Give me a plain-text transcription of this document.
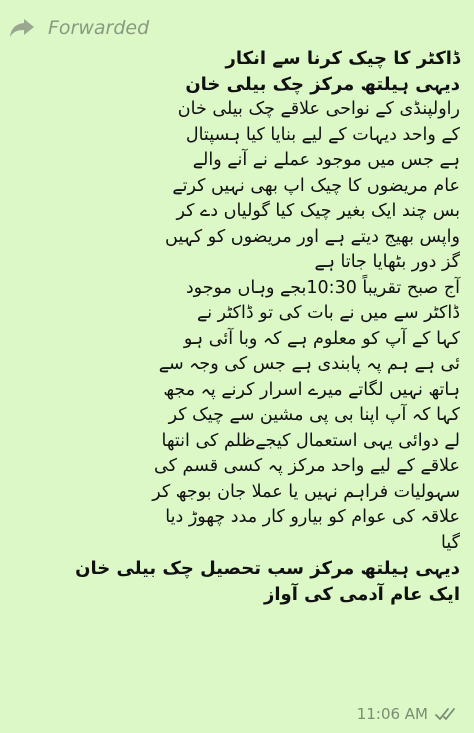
Forwarded
ڈاکٹر کا چیک کرنا سے انکار
دیہی ہیلتھ مرکز چک بیلی خان
راولپنڈی کے نواحی علاقے چک بیلی خان
کے واحد دیہات کے لیے بنایا کیا ہسپتال
ہے جس میں موجود عملے نے آنے والے
عام مریضوں کا چیک اپ بھی نہیں کرتے
بس چند ایک بغیر چیک کیا گولیاں دے کر
واپس بھیج دیتے ہے اور مریضوں کو کہیں
گز دور بٹھایا جاتا ہے
آج صبح تقریباً 10:30بجے وہاں موجود
ڈاکٹر سے میں نے بات کی تو ڈاکٹر نے
کہا کے آپ کو معلوم ہے کہ وبا آئی ہو
ئی ہے ہم پہ پابندی ہے جس کی وجہ سے
ہاتھ نہیں لگاتے میرے اسرار کرنے پہ مجھ
کہا کہ آپ اپنا بی پی مشین سے چیک کر
لے دوائی یہی استعمال کیجےظلم کی انتھا
علاقے کے لیے واحد مرکز پہ کسی قسم کی
سہولیات فراہم نہیں یا عملا جان بوجھ کر
علاقہ کی عوام کو بیارو کار مدد چھوڑ دیا
گیا
دیہی ہیلتھ مرکز سب تحصیل چک بیلی خان
ایک عام آدمی کی آواز
11:06 AM
